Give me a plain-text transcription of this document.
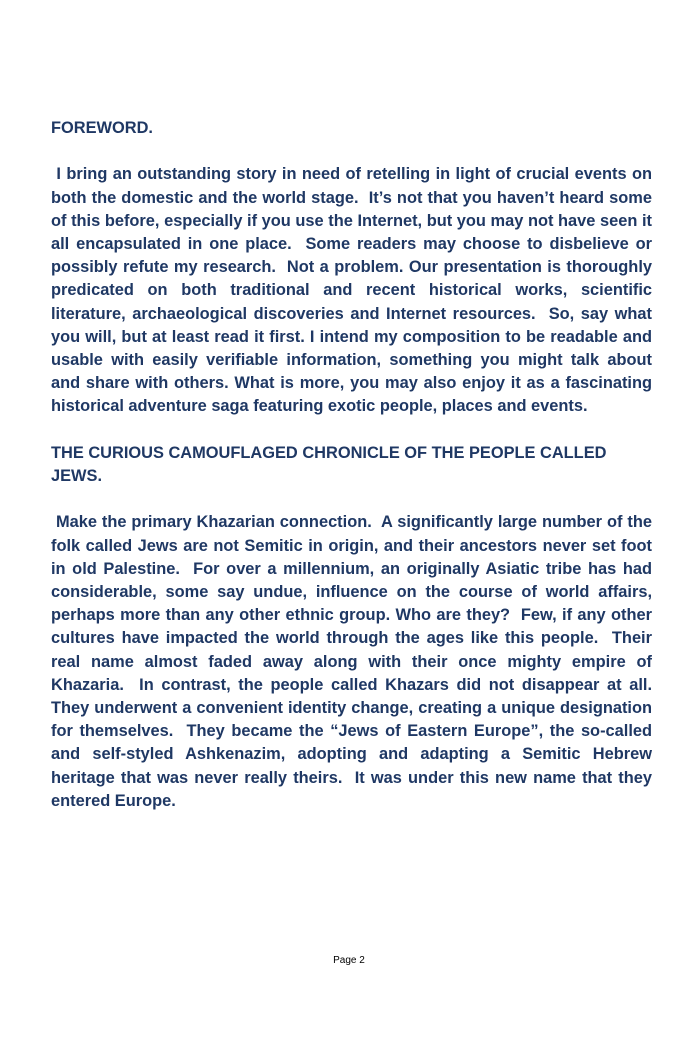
FOREWORD.

I bring an outstanding story in need of retelling in light of crucial events on both the domestic and the world stage.  It’s not that you haven’t heard some of this before, especially if you use the Internet, but you may not have seen it all encapsulated in one place.  Some readers may choose to disbelieve or possibly refute my research.  Not a problem. Our presentation is thoroughly predicated on both traditional and recent historical works, scientific literature, archaeological discoveries and Internet resources.  So, say what you will, but at least read it first. I intend my composition to be readable and usable with easily verifiable information, something you might talk about and share with others. What is more, you may also enjoy it as a fascinating historical adventure saga featuring exotic people, places and events.

THE CURIOUS CAMOUFLAGED CHRONICLE OF THE PEOPLE CALLED JEWS.

Make the primary Khazarian connection.  A significantly large number of the folk called Jews are not Semitic in origin, and their ancestors never set foot in old Palestine.  For over a millennium, an originally Asiatic tribe has had considerable, some say undue, influence on the course of world affairs, perhaps more than any other ethnic group. Who are they?  Few, if any other cultures have impacted the world through the ages like this people.  Their real name almost faded away along with their once mighty empire of Khazaria.  In contrast, the people called Khazars did not disappear at all.  They underwent a convenient identity change, creating a unique designation for themselves.  They became the “Jews of Eastern Europe”, the so-called and self-styled Ashkenazim, adopting and adapting a Semitic Hebrew heritage that was never really theirs.  It was under this new name that they entered Europe.

Page 2
